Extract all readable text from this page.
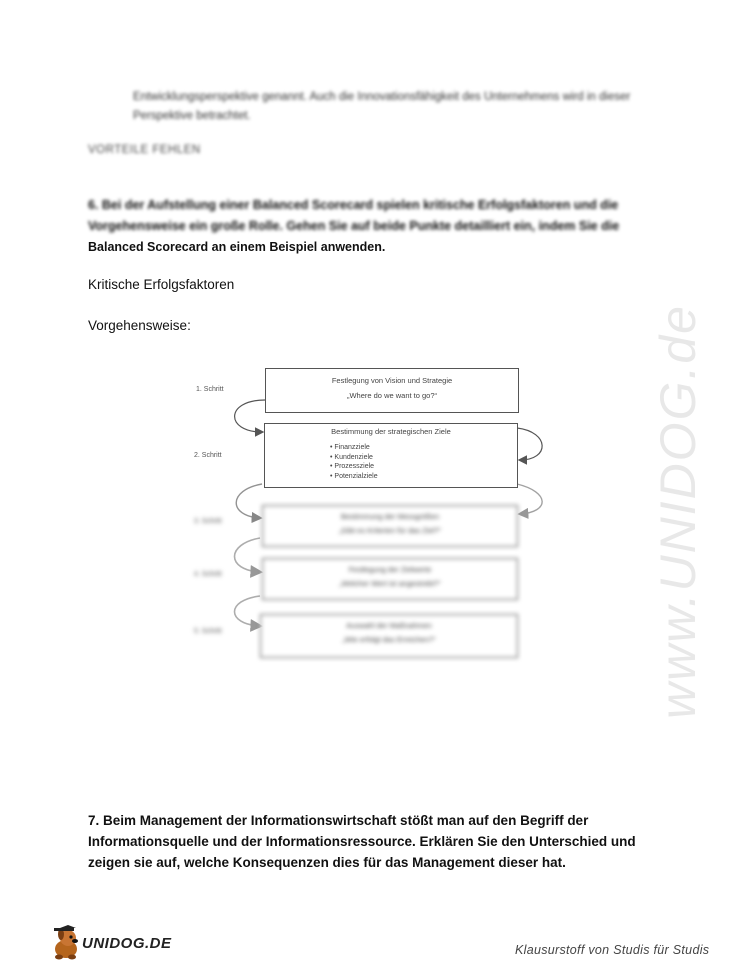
Entwicklungsperspektive genannt. Auch die Innovationsfähigkeit des Unternehmens wird in dieser Perspektive betrachtet.
VORTEILE FEHLEN
6. Bei der Aufstellung einer Balanced Scorecard spielen kritische Erfolgsfaktoren und die Vorgehensweise ein große Rolle. Gehen Sie auf beide Punkte detailliert ein, indem Sie die
Balanced Scorecard an einem Beispiel anwenden.
Kritische Erfolgsfaktoren
Vorgehensweise:
1. Schritt
Festlegung von Vision und Strategie
„Where do we want to go?“
2. Schritt
Bestimmung der strategischen Ziele
• Finanzziele
• Kundenziele
• Prozessziele
• Potenzialziele
3. Schritt
Bestimmung der Messgrößen
„Gibt es Kriterien für das Ziel?“
4. Schritt
Festlegung der Zielwerte
„Welcher Wert ist angestrebt?“
5. Schritt
Auswahl der Maßnahmen
„Wie erfolgt das Erreichen?“	www.UNIDOG.de
7. Beim Management der Informationswirtschaft stößt man auf den Begriff der Informationsquelle und der Informationsressource. Erklären Sie den Unterschied und zeigen sie auf, welche Konsequenzen dies für das Management dieser hat.
UNIDOG.DE	Klausurstoff von Studis für Studis
